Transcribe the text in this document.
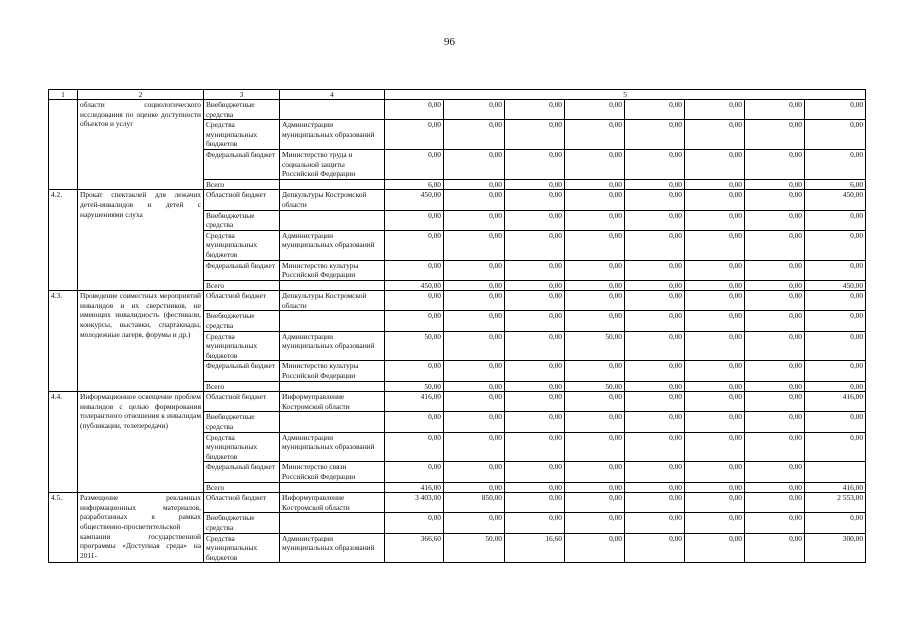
96
1	2	3	4	5							
	области социологического исследования по оценке доступности объектов и услуг	Внебюджетные средства		0,00	0,00	0,00	0,00	0,00	0,00	0,00	0,00
		Средства муниципальных бюджетов	Администрации муниципальных образований	0,00	0,00	0,00	0,00	0,00	0,00	0,00	0,00
		Федеральный бюджет	Министерство труда и социальной защиты Российской Федерации	0,00	0,00	0,00	0,00	0,00	0,00	0,00	0,00
		Всего		6,00	0,00	0,00	0,00	0,00	0,00	0,00	6,00
4.2.	Прокат спектаклей для лежачих детей-инвалидов и детей с нарушениями слуха	Областной бюджет	Депкультуры Костромской области	450,00	0,00	0,00	0,00	0,00	0,00	0,00	450,00
		Внебюджетные средства		0,00	0,00	0,00	0,00	0,00	0,00	0,00	0,00
		Средства муниципальных бюджетов	Администрации муниципальных образований	0,00	0,00	0,00	0,00	0,00	0,00	0,00	0,00
		Федеральный бюджет	Министерство культуры Российской Федерации	0,00	0,00	0,00	0,00	0,00	0,00	0,00	0,00
		Всего		450,00	0,00	0,00	0,00	0,00	0,00	0,00	450,00
4.3.	Проведение совместных мероприятий инвалидов и их сверстников, не имеющих инвалидность (фестивали, конкурсы, выставки, спартакиады, молодежные лагеря, форумы и др.)	Областной бюджет	Депкультуры Костромской области	0,00	0,00	0,00	0,00	0,00	0,00	0,00	0,00
		Внебюджетные средства		0,00	0,00	0,00	0,00	0,00	0,00	0,00	0,00
		Средства муниципальных бюджетов	Администрации муниципальных образований	50,00	0,00	0,00	50,00	0,00	0,00	0,00	0,00
		Федеральный бюджет	Министерство культуры Российской Федерации	0,00	0,00	0,00	0,00	0,00	0,00	0,00	0,00
		Всего		50,00	0,00	0,00	50,00	0,00	0,00	0,00	0,00
4.4.	Информационное освещение проблем инвалидов с целью формирования толерантного отношения к инвалидам (публикации, телепередачи)	Областной бюджет	Информуправление Костромской области	416,00	0,00	0,00	0,00	0,00	0,00	0,00	416,00
		Внебюджетные средства		0,00	0,00	0,00	0,00	0,00	0,00	0,00	0,00
		Средства муниципальных бюджетов	Администрации муниципальных образований	0,00	0,00	0,00	0,00	0,00	0,00	0,00	0,00
		Федеральный бюджет	Министерство связи Российской Федерации	0,00	0,00	0,00	0,00	0,00	0,00	0,00	
		Всего		416,00	0,00	0,00	0,00	0,00	0,00	0,00	416,00
4.5.	Размещение рекламных информационных материалов, разработанных в рамках общественно-просветительской кампании государственной программы «Доступная среда» на 2011-	Областной бюджет	Информуправление Костромской области	3 403,00	850,00	0,00	0,00	0,00	0,00	0,00	2 553,00
		Внебюджетные средства		0,00	0,00	0,00	0,00	0,00	0,00	0,00	0,00
		Средства муниципальных бюджетов	Администрации муниципальных образований	366,60	50,00	16,60	0,00	0,00	0,00	0,00	300,00
